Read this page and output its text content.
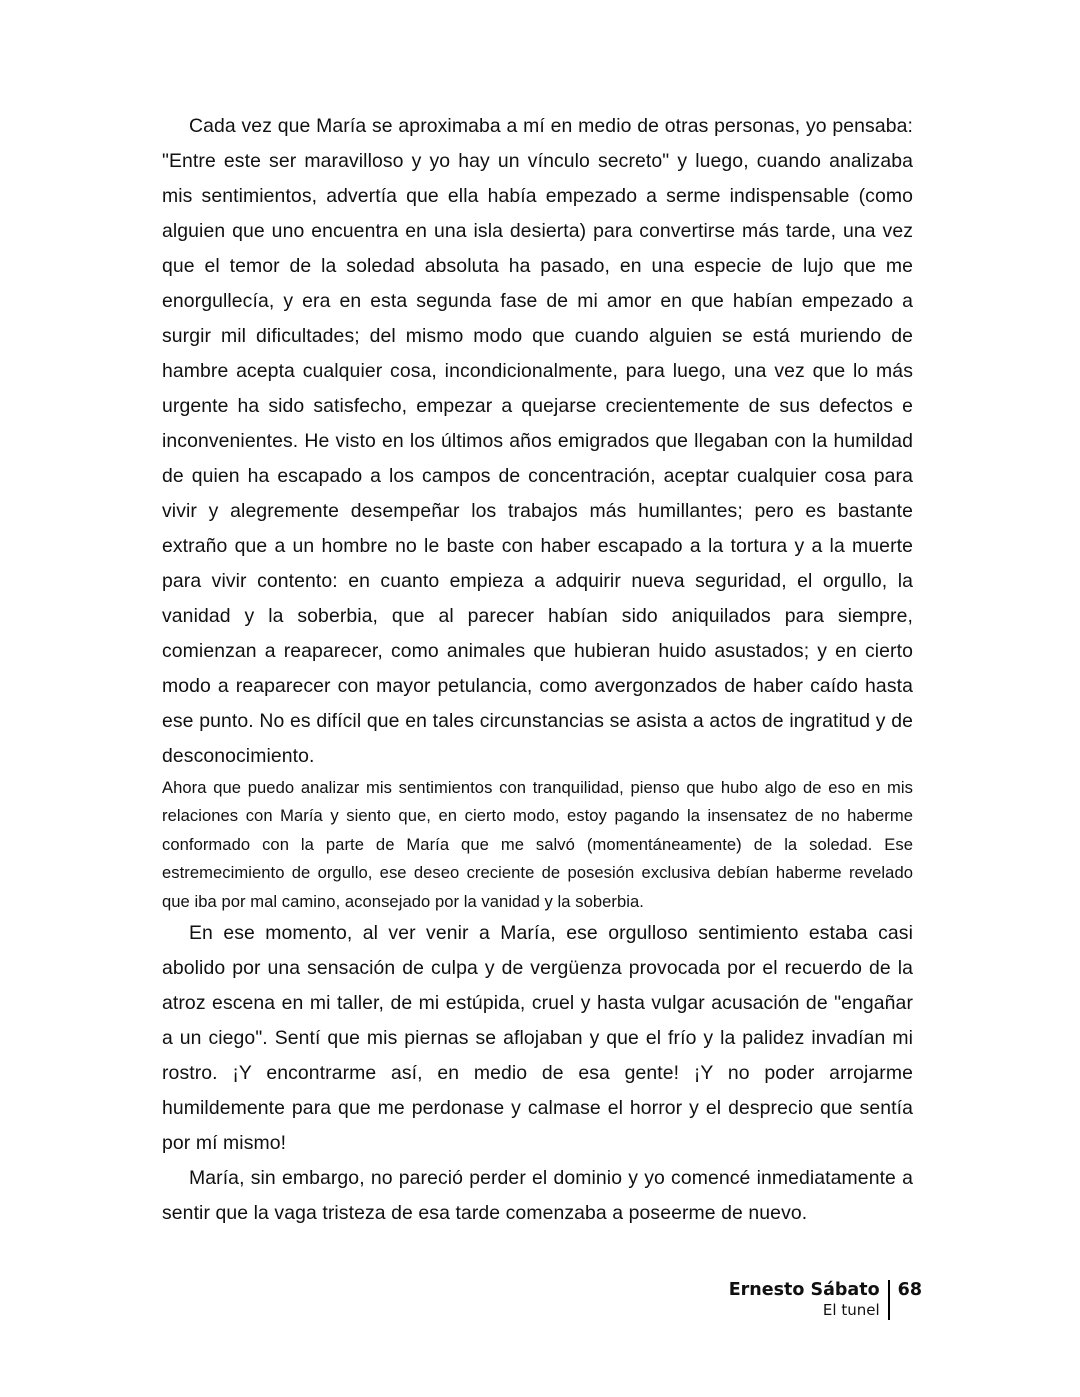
Cada vez que María se aproximaba a mí en medio de otras personas, yo pensaba: "Entre este ser maravilloso y yo hay un vínculo secreto" y luego, cuando analizaba mis sentimientos, advertía que ella había empezado a serme indispensable (como alguien que uno encuentra en una isla desierta) para convertirse más tarde, una vez que el temor de la soledad absoluta ha pasado, en una especie de lujo que me enorgullecía, y era en esta segunda fase de mi amor en que habían empezado a surgir mil dificultades; del mismo modo que cuando alguien se está muriendo de hambre acepta cualquier cosa, incondicionalmente, para luego, una vez que lo más urgente ha sido satisfecho, empezar a quejarse crecientemente de sus defectos e inconvenientes. He visto en los últimos años emigrados que llegaban con la humildad de quien ha escapado a los campos de concentración, aceptar cualquier cosa para vivir y alegremente desempeñar los trabajos más humillantes; pero es bastante extraño que a un hombre no le baste con haber escapado a la tortura y a la muerte para vivir contento: en cuanto empieza a adquirir nueva seguridad, el orgullo, la vanidad y la soberbia, que al parecer habían sido aniquilados para siempre, comienzan a reaparecer, como animales que hubieran huido asustados; y en cierto modo a reaparecer con mayor petulancia, como avergonzados de haber caído hasta ese punto. No es difícil que en tales circunstancias se asista a actos de ingratitud y de desconocimiento.

Ahora que puedo analizar mis sentimientos con tranquilidad, pienso que hubo algo de eso en mis relaciones con María y siento que, en cierto modo, estoy pagando la insensatez de no haberme conformado con la parte de María que me salvó (momentáneamente) de la soledad. Ese estremecimiento de orgullo, ese deseo creciente de posesión exclusiva debían haberme revelado que iba por mal camino, aconsejado por la vanidad y la soberbia.

En ese momento, al ver venir a María, ese orgulloso sentimiento estaba casi abolido por una sensación de culpa y de vergüenza provocada por el recuerdo de la atroz escena en mi taller, de mi estúpida, cruel y hasta vulgar acusación de "engañar a un ciego". Sentí que mis piernas se aflojaban y que el frío y la palidez invadían mi rostro. ¡Y encontrarme así, en medio de esa gente! ¡Y no poder arrojarme humildemente para que me perdonase y calmase el horror y el desprecio que sentía por mí mismo!

María, sin embargo, no pareció perder el dominio y yo comencé inmediatamente a sentir que la vaga tristeza de esa tarde comenzaba a poseerme de nuevo.

Ernesto Sábato
El tunel
68
